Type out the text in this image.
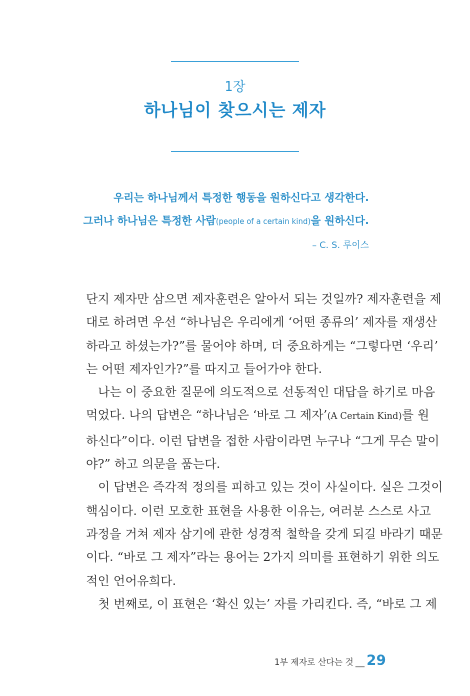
1장
하나님이 찾으시는 제자
우리는 하나님께서 특정한 행동을 원하신다고 생각한다.
그러나 하나님은 특정한 사람(people of a certain kind)을 원하신다.
– C. S. 루이스

단지 제자만 삼으면 제자훈련은 알아서 되는 것일까? 제자훈련을 제

대로 하려면 우선 “하나님은 우리에게 ‘어떤 종류의’ 제자를 재생산

하라고 하셨는가?”를 물어야 하며, 더 중요하게는 “그렇다면 ‘우리’

는 어떤 제자인가?”를 따지고 들어가야 한다.

나는 이 중요한 질문에 의도적으로 선동적인 대답을 하기로 마음

먹었다. 나의 답변은 “하나님은 ‘바로 그 제자’(A Certain Kind)를 원

하신다”이다. 이런 답변을 접한 사람이라면 누구나 “그게 무슨 말이

야?” 하고 의문을 품는다.

이 답변은 즉각적 정의를 피하고 있는 것이 사실이다. 실은 그것이

핵심이다. 이런 모호한 표현을 사용한 이유는, 여러분 스스로 사고

과정을 거쳐 제자 삼기에 관한 성경적 철학을 갖게 되길 바라기 때문

이다. “바로 그 제자”라는 용어는 2가지 의미를 표현하기 위한 의도

적인 언어유희다.

첫 번째로, 이 표현은 ‘확신 있는’ 자를 가리킨다. 즉, “바로 그 제

1부 제자로 산다는 것 __ 29
